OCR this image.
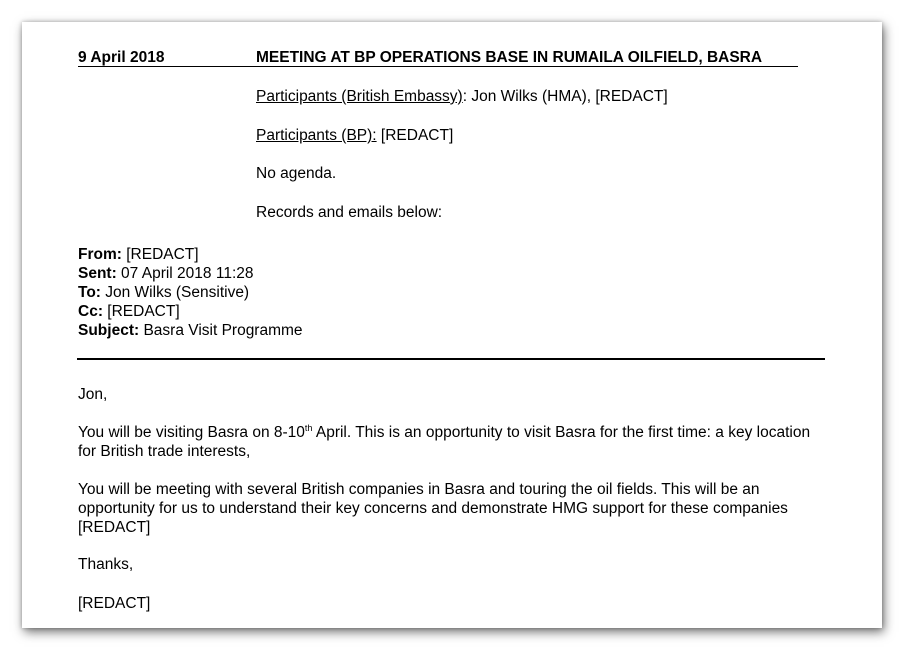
9 April 2018	MEETING AT BP OPERATIONS BASE IN RUMAILA OILFIELD, BASRA
Participants (British Embassy): Jon Wilks (HMA), [REDACT]
Participants (BP): [REDACT]
No agenda.
Records and emails below:
From: [REDACT]
Sent: 07 April 2018 11:28
To: Jon Wilks (Sensitive)
Cc: [REDACT]
Subject: Basra Visit Programme
Jon,
You will be visiting Basra on 8-10th April. This is an opportunity to visit Basra for the first time: a key location for British trade interests,
You will be meeting with several British companies in Basra and touring the oil fields. This will be an opportunity for us to understand their key concerns and demonstrate HMG support for these companies [REDACT]
Thanks,
[REDACT]
